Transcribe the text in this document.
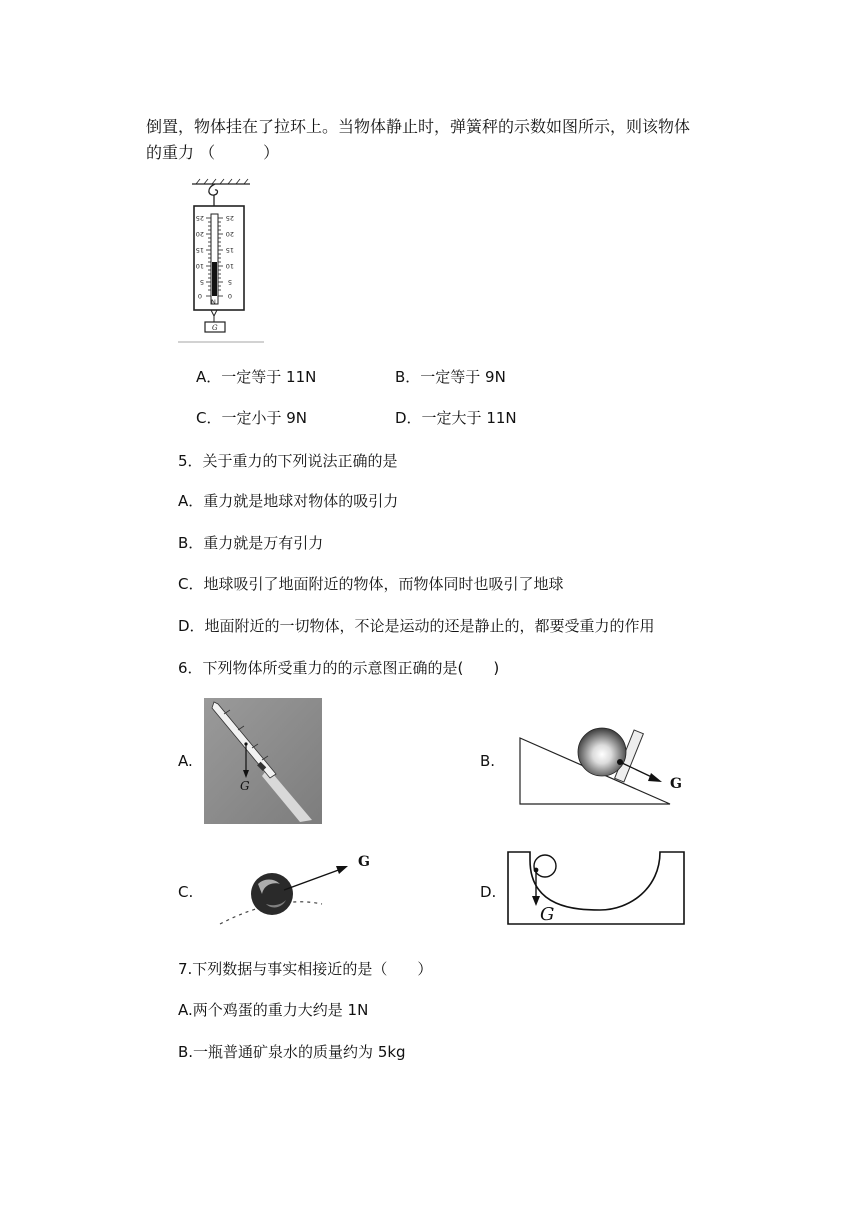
倒置，物体挂在了拉环上。当物体静止时，弹簧秤的示数如图所示，则该物体
的重力 （　　　）
25
20
15
10
5
0
25
20
15
10
5
0
N
G
A．一定等于 11N	B．一定等于 9N
C．一定小于 9N	D．一定大于 11N
5．关于重力的下列说法正确的是
A．重力就是地球对物体的吸引力
B．重力就是万有引力
C．地球吸引了地面附近的物体，而物体同时也吸引了地球
D．地面附近的一切物体，不论是运动的还是静止的，都要受重力的作用
6．下列物体所受重力的的示意图正确的是(　　)
A.
G
B.
G
C.
G
D.
G
7.下列数据与事实相接近的是（　　）
A.两个鸡蛋的重力大约是 1N
B.一瓶普通矿泉水的质量约为 5kg
